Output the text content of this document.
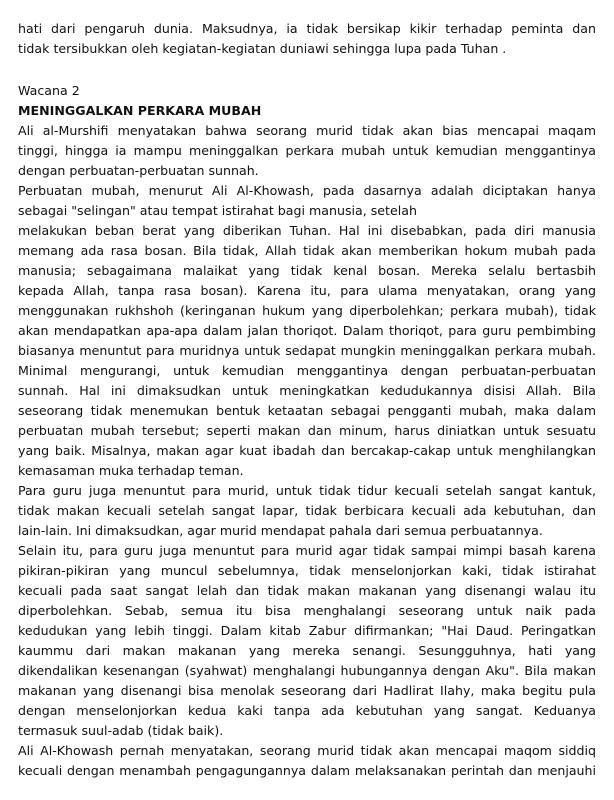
hati dari pengaruh dunia. Maksudnya, ia tidak bersikap kikir terhadap peminta dan
tidak tersibukkan oleh kegiatan-kegiatan duniawi sehingga lupa pada Tuhan .
Wacana 2
MENINGGALKAN PERKARA MUBAH
Ali al-Murshifi menyatakan bahwa seorang murid tidak akan bias mencapai maqam
tinggi, hingga ia mampu meninggalkan perkara mubah untuk kemudian menggantinya
dengan perbuatan-perbuatan sunnah.
Perbuatan mubah, menurut Ali Al-Khowash, pada dasarnya adalah diciptakan hanya
sebagai "selingan" atau tempat istirahat bagi manusia, setelah
melakukan beban berat yang diberikan Tuhan. Hal ini disebabkan, pada diri manusia
memang ada rasa bosan. Bila tidak, Allah tidak akan memberikan hokum mubah pada
manusia; sebagaimana malaikat yang tidak kenal bosan. Mereka selalu bertasbih
kepada Allah, tanpa rasa bosan). Karena itu, para ulama menyatakan, orang yang
menggunakan rukhshoh (keringanan hukum yang diperbolehkan; perkara mubah), tidak
akan mendapatkan apa-apa dalam jalan thoriqot. Dalam thoriqot, para guru pembimbing
biasanya menuntut para muridnya untuk sedapat mungkin meninggalkan perkara mubah.
Minimal mengurangi, untuk kemudian menggantinya dengan perbuatan-perbuatan
sunnah. Hal ini dimaksudkan untuk meningkatkan kedudukannya disisi Allah. Bila
seseorang tidak menemukan bentuk ketaatan sebagai pengganti mubah, maka dalam
perbuatan mubah tersebut; seperti makan dan minum, harus diniatkan untuk sesuatu
yang baik. Misalnya, makan agar kuat ibadah dan bercakap-cakap untuk menghilangkan
kemasaman muka terhadap teman.
Para guru juga menuntut para murid, untuk tidak tidur kecuali setelah sangat kantuk,
tidak makan kecuali setelah sangat lapar, tidak berbicara kecuali ada kebutuhan, dan
lain-lain. Ini dimaksudkan, agar murid mendapat pahala dari semua perbuatannya.
Selain itu, para guru juga menuntut para murid agar tidak sampai mimpi basah karena
pikiran-pikiran yang muncul sebelumnya, tidak menselonjorkan kaki, tidak istirahat
kecuali pada saat sangat lelah dan tidak makan makanan yang disenangi walau itu
diperbolehkan. Sebab, semua itu bisa menghalangi seseorang untuk naik pada
kedudukan yang lebih tinggi. Dalam kitab Zabur difirmankan; "Hai Daud. Peringatkan
kaummu dari makan makanan yang mereka senangi. Sesungguhnya, hati yang
dikendalikan kesenangan (syahwat) menghalangi hubungannya dengan Aku". Bila makan
makanan yang disenangi bisa menolak seseorang dari Hadlirat Ilahy, maka begitu pula
dengan menselonjorkan kedua kaki tanpa ada kebutuhan yang sangat. Keduanya
termasuk suul-adab (tidak baik).
Ali Al-Khowash pernah menyatakan, seorang murid tidak akan mencapai maqom siddiq
kecuali dengan menambah pengagungannya dalam melaksanakan perintah dan menjauhi
